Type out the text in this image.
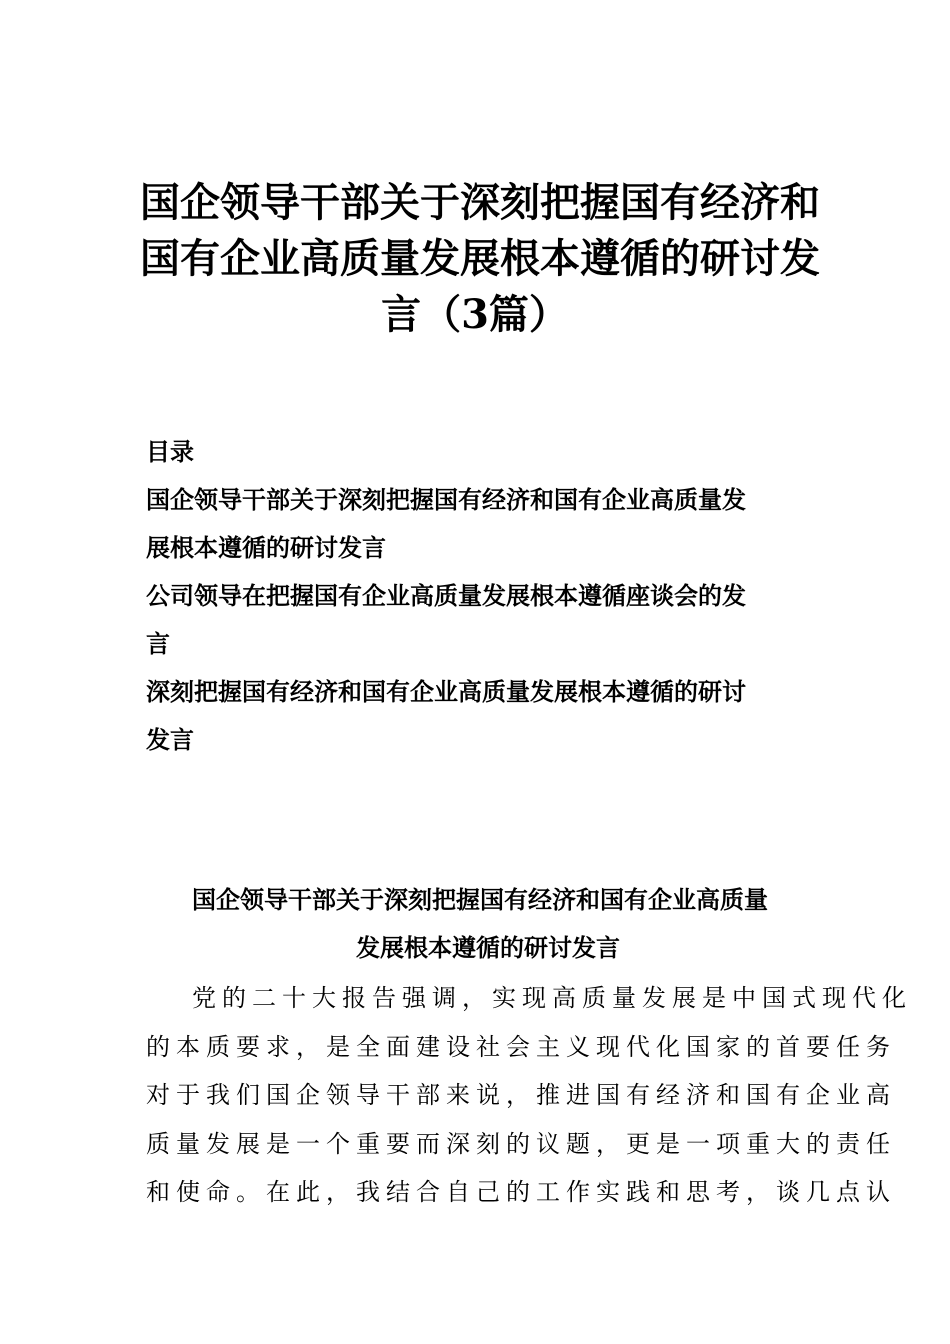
国企领导干部关于深刻把握国有经济和
国有企业高质量发展根本遵循的研讨发
言（3篇）
目录
国企领导干部关于深刻把握国有经济和国有企业高质量发
展根本遵循的研讨发言
公司领导在把握国有企业高质量发展根本遵循座谈会的发
言
深刻把握国有经济和国有企业高质量发展根本遵循的研讨
发言
国企领导干部关于深刻把握国有经济和国有企业高质量
发展根本遵循的研讨发言
党的二十大报告强调，实现高质量发展是中国式现代化
的本质要求，是全面建设社会主义现代化国家的首要任务
对于我们国企领导干部来说，推进国有经济和国有企业高
质量发展是一个重要而深刻的议题，更是一项重大的责任
和使命。在此，我结合自己的工作实践和思考，谈几点认
